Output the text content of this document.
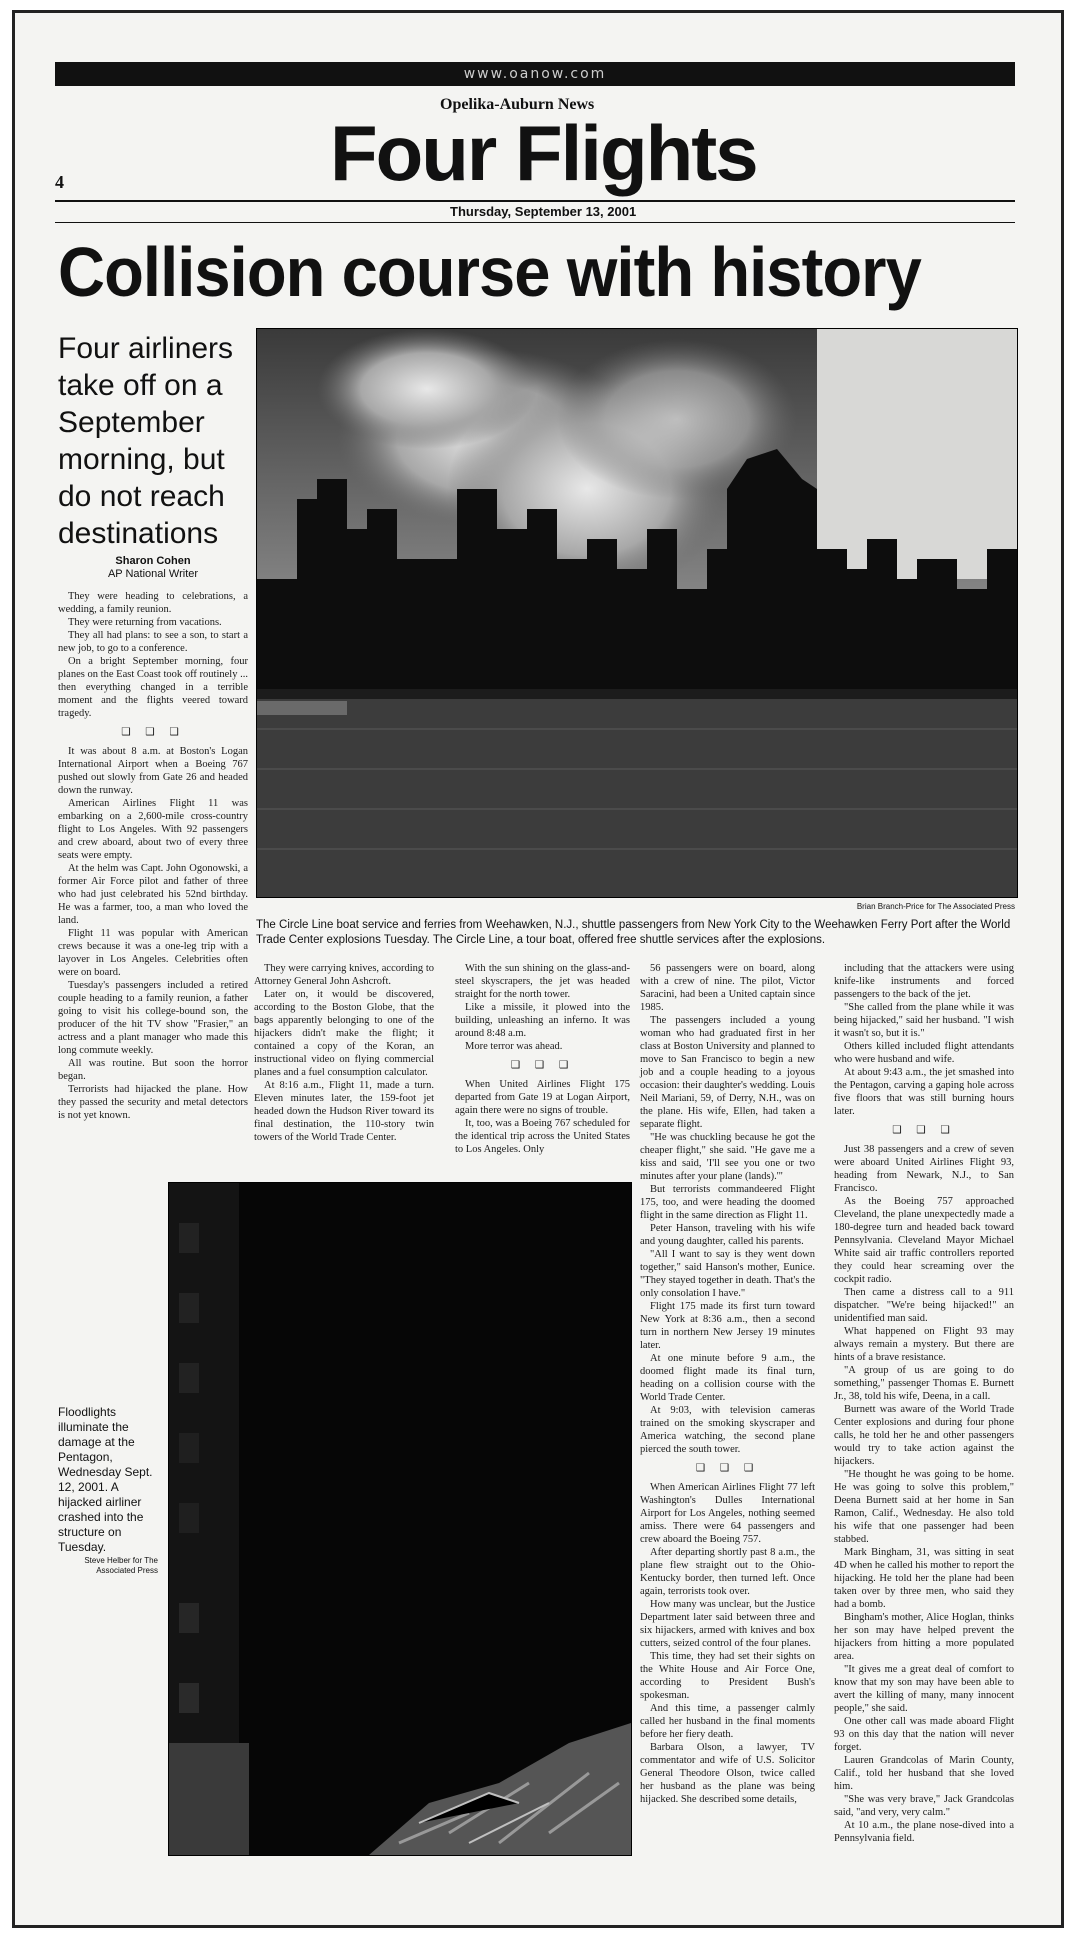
www.oanow.com
Opelika-Auburn News
Four Flights
4
Thursday, September 13, 2001
Collision course with history
Four airliners take off on a September morning, but do not reach destinations
Sharon Cohen
AP National Writer

They were heading to celebrations, a wedding, a family reunion.

They were returning from vacations.

They all had plans: to see a son, to start a new job, to go to a conference.

On a bright September morning, four planes on the East Coast took off routinely ... then everything changed in a terrible moment and the flights veered toward tragedy.

❑ ❑ ❑

It was about 8 a.m. at Boston's Logan International Airport when a Boeing 767 pushed out slowly from Gate 26 and headed down the runway.

American Airlines Flight 11 was embarking on a 2,600-mile cross-country flight to Los Angeles. With 92 passengers and crew aboard, about two of every three seats were empty.

At the helm was Capt. John Ogonowski, a former Air Force pilot and father of three who had just celebrated his 52nd birthday. He was a farmer, too, a man who loved the land.

Flight 11 was popular with American crews because it was a one-leg trip with a layover in Los Angeles. Celebrities often were on board.

Tuesday's passengers included a retired couple heading to a family reunion, a father going to visit his college-bound son, the producer of the hit TV show "Frasier," an actress and a plant manager who made this long commute weekly.

All was routine. But soon the horror began.

Terrorists had hijacked the plane. How they passed the security and metal detectors is not yet known.

Brian Branch-Price for The Associated Press
The Circle Line boat service and ferries from Weehawken, N.J., shuttle passengers from New York City to the Weehawken Ferry Port after the World Trade Center explosions Tuesday. The Circle Line, a tour boat, offered free shuttle services after the explosions.

They were carrying knives, according to Attorney General John Ashcroft.

Later on, it would be discovered, according to the Boston Globe, that the bags apparently belonging to one of the hijackers didn't make the flight; it contained a copy of the Koran, an instructional video on flying commercial planes and a fuel consumption calculator.

At 8:16 a.m., Flight 11, made a turn. Eleven minutes later, the 159-foot jet headed down the Hudson River toward its final destination, the 110-story twin towers of the World Trade Center.

With the sun shining on the glass-and-steel skyscrapers, the jet was headed straight for the north tower.

Like a missile, it plowed into the building, unleashing an inferno. It was around 8:48 a.m.

More terror was ahead.

❑ ❑ ❑

When United Airlines Flight 175 departed from Gate 19 at Logan Airport, again there were no signs of trouble.

It, too, was a Boeing 767 scheduled for the identical trip across the United States to Los Angeles. Only

Floodlights illuminate the damage at the Pentagon, Wednesday Sept. 12, 2001. A hijacked airliner crashed into the structure on Tuesday.
Steve Helber for The Associated Press

56 passengers were on board, along with a crew of nine. The pilot, Victor Saracini, had been a United captain since 1985.

The passengers included a young woman who had graduated first in her class at Boston University and planned to move to San Francisco to begin a new job and a couple heading to a joyous occasion: their daughter's wedding. Louis Neil Mariani, 59, of Derry, N.H., was on the plane. His wife, Ellen, had taken a separate flight.

"He was chuckling because he got the cheaper flight," she said. "He gave me a kiss and said, 'I'll see you one or two minutes after your plane (lands).'"

But terrorists commandeered Flight 175, too, and were heading the doomed flight in the same direction as Flight 11.

Peter Hanson, traveling with his wife and young daughter, called his parents.

"All I want to say is they went down together," said Hanson's mother, Eunice. "They stayed together in death. That's the only consolation I have."

Flight 175 made its first turn toward New York at 8:36 a.m., then a second turn in northern New Jersey 19 minutes later.

At one minute before 9 a.m., the doomed flight made its final turn, heading on a collision course with the World Trade Center.

At 9:03, with television cameras trained on the smoking skyscraper and America watching, the second plane pierced the south tower.

❑ ❑ ❑

When American Airlines Flight 77 left Washington's Dulles International Airport for Los Angeles, nothing seemed amiss. There were 64 passengers and crew aboard the Boeing 757.

After departing shortly past 8 a.m., the plane flew straight out to the Ohio-Kentucky border, then turned left. Once again, terrorists took over.

How many was unclear, but the Justice Department later said between three and six hijackers, armed with knives and box cutters, seized control of the four planes.

This time, they had set their sights on the White House and Air Force One, according to President Bush's spokesman.

And this time, a passenger calmly called her husband in the final moments before her fiery death.

Barbara Olson, a lawyer, TV commentator and wife of U.S. Solicitor General Theodore Olson, twice called her husband as the plane was being hijacked. She described some details,

including that the attackers were using knife-like instruments and forced passengers to the back of the jet.

"She called from the plane while it was being hijacked," said her husband. "I wish it wasn't so, but it is."

Others killed included flight attendants who were husband and wife.

At about 9:43 a.m., the jet smashed into the Pentagon, carving a gaping hole across five floors that was still burning hours later.

❑ ❑ ❑

Just 38 passengers and a crew of seven were aboard United Airlines Flight 93, heading from Newark, N.J., to San Francisco.

As the Boeing 757 approached Cleveland, the plane unexpectedly made a 180-degree turn and headed back toward Pennsylvania. Cleveland Mayor Michael White said air traffic controllers reported they could hear screaming over the cockpit radio.

Then came a distress call to a 911 dispatcher. "We're being hijacked!" an unidentified man said.

What happened on Flight 93 may always remain a mystery. But there are hints of a brave resistance.

"A group of us are going to do something," passenger Thomas E. Burnett Jr., 38, told his wife, Deena, in a call.

Burnett was aware of the World Trade Center explosions and during four phone calls, he told her he and other passengers would try to take action against the hijackers.

"He thought he was going to be home. He was going to solve this problem," Deena Burnett said at her home in San Ramon, Calif., Wednesday. He also told his wife that one passenger had been stabbed.

Mark Bingham, 31, was sitting in seat 4D when he called his mother to report the hijacking. He told her the plane had been taken over by three men, who said they had a bomb.

Bingham's mother, Alice Hoglan, thinks her son may have helped prevent the hijackers from hitting a more populated area.

"It gives me a great deal of comfort to know that my son may have been able to avert the killing of many, many innocent people," she said.

One other call was made aboard Flight 93 on this day that the nation will never forget.

Lauren Grandcolas of Marin County, Calif., told her husband that she loved him.

"She was very brave," Jack Grandcolas said, "and very, very calm."

At 10 a.m., the plane nose-dived into a Pennsylvania field.
